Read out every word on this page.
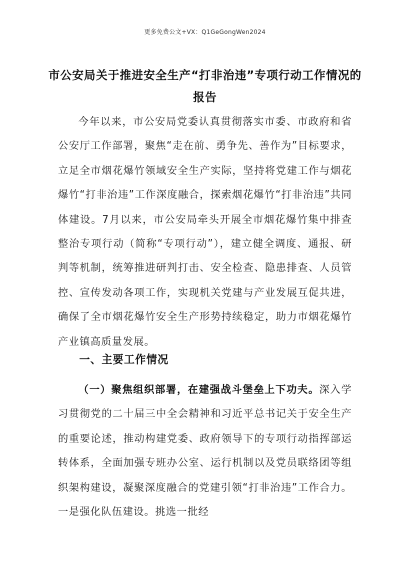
更多免费公文+VX：Q1GeGongWen2024
市公安局关于推进安全生产“打非治违”专项行动工作情况的报告
今年以来，市公安局党委认真贯彻落实市委、市政府和省公安厅工作部署，聚焦“走在前、勇争先、善作为”目标要求，立足全市烟花爆竹领域安全生产实际，坚持将党建工作与烟花爆竹“打非治违”工作深度融合，探索烟花爆竹“打非治违”共同体建设。7月以来，市公安局牵头开展全市烟花爆竹集中排查整治专项行动（简称“专项行动”），建立健全调度、通报、研判等机制，统筹推进研判打击、安全检查、隐患排查、人员管控、宣传发动各项工作，实现机关党建与产业发展互促共进，确保了全市烟花爆竹安全生产形势持续稳定，助力市烟花爆竹产业镇高质量发展。
一、主要工作情况
（一）聚焦组织部署，在建强战斗堡垒上下功夫。深入学习贯彻党的二十届三中全会精神和习近平总书记关于安全生产的重要论述，推动构建党委、政府领导下的专项行动指挥部运转体系，全面加强专班办公室、运行机制以及党员联络团等组织架构建设，凝聚深度融合的党建引领“打非治违”工作合力。一是强化队伍建设。挑选一批经
